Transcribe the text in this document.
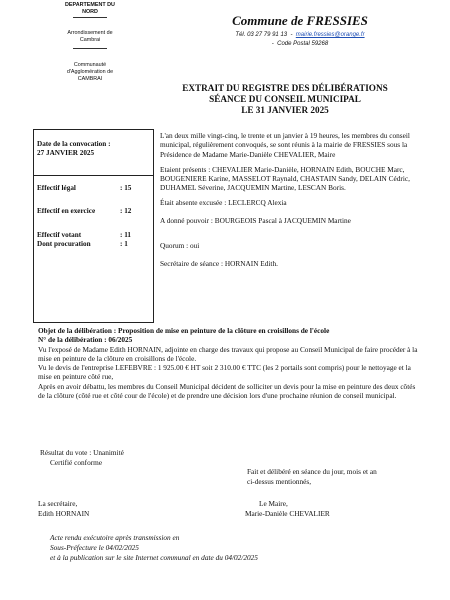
DEPARTEMENT DU NORD
Arrondissement de Cambrai
Communauté d'Agglomération de CAMBRAI
Commune de FRESSIES
Tél. 03 27 79 91 13  -  mairie.fressies@orange.fr
-  Code Postal 59268
EXTRAIT DU REGISTRE DES DÉLIBÉRATIONS
SÉANCE DU CONSEIL MUNICIPAL
LE 31 JANVIER 2025
Date de la convocation :
27 JANVIER 2025
Effectif légal	: 15
Effectif en exercice	: 12
Effectif votant	: 11
Dont procuration	: 1

L'an deux mille vingt-cinq, le trente et un janvier à 19 heures, les membres du conseil municipal, régulièrement convoqués, se sont réunis à la mairie de FRESSIES sous la Présidence de Madame Marie-Danièle CHEVALIER, Maire

Etaient présents : CHEVALIER Marie-Danièle, HORNAIN Edith, BOUCHE Marc, BOUGENIERE Karine, MASSELOT Raynald, CHASTAIN Sandy, DELAIN Cédric, DUHAMEL Séverine, JACQUEMIN Martine, LESCAN Boris.

Était absente excusée : LECLERCQ Alexia

A donné pouvoir : BOURGEOIS Pascal à JACQUEMIN Martine

Quorum : oui

Secrétaire de séance : HORNAIN Edith.

Objet de la délibération : Proposition de mise en peinture de la clôture en croisillons de l'école

N° de la délibération : 06/2025

Vu l'exposé de Madame Edith HORNAIN, adjointe en charge des travaux qui propose au Conseil Municipal de faire procéder à la mise en peinture de la clôture en croisillons de l'école.

Vu le devis de l'entreprise LEFEBVRE : 1 925.00 € HT soit 2 310.00 € TTC (les 2 portails sont compris) pour le nettoyage et la mise en peinture côté rue,

Après en avoir débattu, les membres du Conseil Municipal décident de solliciter un devis pour la mise en peinture des deux côtés de la clôture (côté rue et côté cour de l'école) et de prendre une décision lors d'une prochaine réunion de conseil municipal.

Résultat du vote : Unanimité
Certifié conforme
Fait et délibéré en séance du jour, mois et an
ci-dessus mentionnés,
La secrétaire,
Edith HORNAIN
Le Maire,
Marie-Danièle CHEVALIER
Acte rendu exécutoire après transmission en
Sous-Préfecture le 04/02/2025
et à la publication sur le site Internet communal en date du 04/02/2025
